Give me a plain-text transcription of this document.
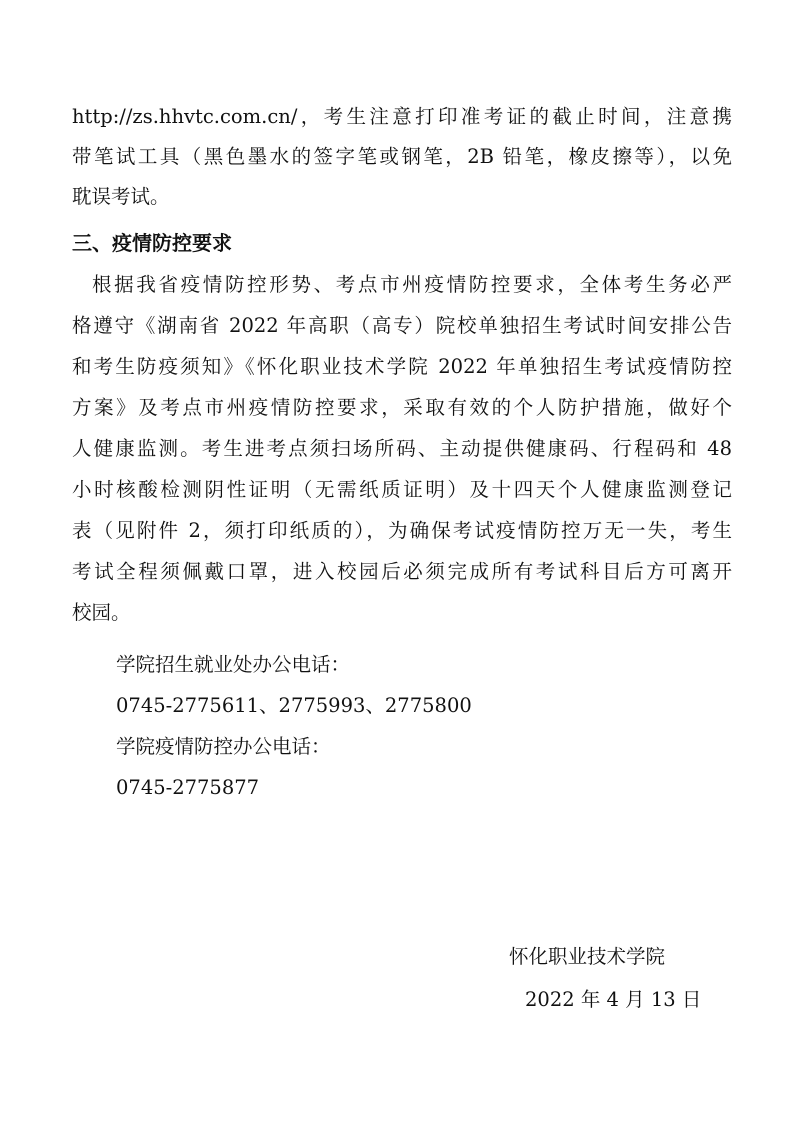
http://zs.hhvtc.com.cn/，考生注意打印准考证的截止时间，注意携
带笔试工具（黑色墨水的签字笔或钢笔，2B 铅笔，橡皮擦等），以免
耽误考试。
三、疫情防控要求
根据我省疫情防控形势、考点市州疫情防控要求，全体考生务必严
格遵守《湖南省 2022 年高职（高专）院校单独招生考试时间安排公告
和考生防疫须知》《怀化职业技术学院 2022 年单独招生考试疫情防控
方案》及考点市州疫情防控要求，采取有效的个人防护措施，做好个
人健康监测。考生进考点须扫场所码、主动提供健康码、行程码和 48
小时核酸检测阴性证明（无需纸质证明）及十四天个人健康监测登记
表（见附件 2，须打印纸质的），为确保考试疫情防控万无一失，考生
考试全程须佩戴口罩，进入校园后必须完成所有考试科目后方可离开
校园。
学院招生就业处办公电话：
0745-2775611、2775993、2775800
学院疫情防控办公电话：
0745-2775877
怀化职业技术学院
2022 年 4 月 13 日
